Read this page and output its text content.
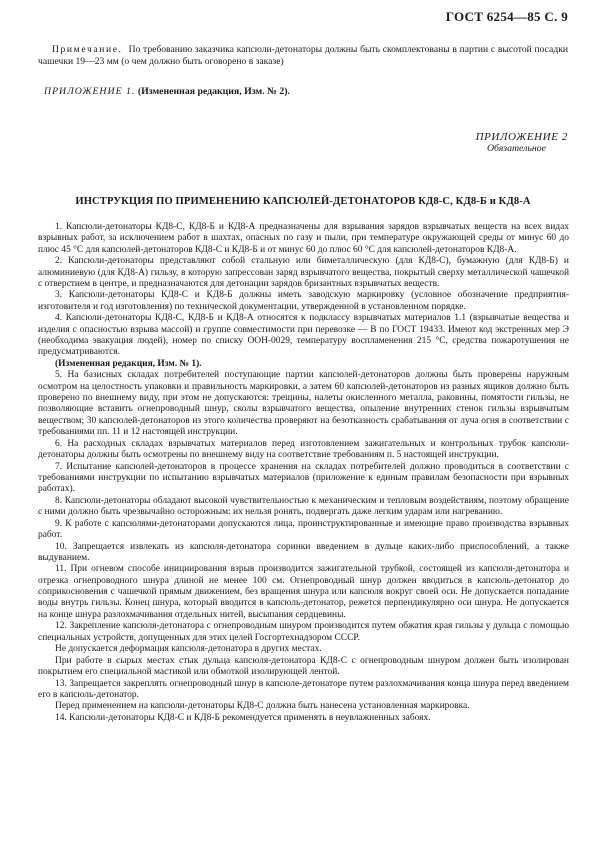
ГОСТ 6254—85 С. 9
Примечание. По требованию заказчика капсюли-детонаторы должны быть скомплектованы в партии с высотой посадки чашечки 19—23 мм (о чем должно быть оговорено в заказе)
ПРИЛОЖЕНИЕ 1. (Измененная редакция, Изм. № 2).
ПРИЛОЖЕНИЕ 2
Обязательное
ИНСТРУКЦИЯ ПО ПРИМЕНЕНИЮ КАПСЮЛЕЙ-ДЕТОНАТОРОВ КД8-С, КД8-Б и КД8-А

1. Капсюли-детонаторы КД8-С, КД8-Б и КД8-А предназначены для взрывания зарядов взрывчатых веществ на всех видах взрывных работ, за исключением работ в шахтах, опасных по газу и пыли, при температуре окружающей среды от минус 60 до плюс 45 °С для капсюлей-детонаторов КД8-С и КД8-Б и от минус 60 до плюс 60 °С для капсюлей-детонаторов КД8-А.

2. Капсюли-детонаторы представляют собой стальную или биметаллическую (для КД8-С), бумажную (для КД8-Б) и алюминиевую (для КД8-А) гильзу, в которую запрессован заряд взрывчатого вещества, покрытый сверху металлической чашечкой с отверстием в центре, и предназначаются для детонации зарядов бризантных взрывчатых веществ.

3. Капсюли-детонаторы КД8-С и КД8-Б должны иметь заводскую маркировку (условное обозначение предприятия-изготовителя и год изготовления) по технической документации, утвержденной в установленном порядке.

4. Капсюли-детонаторы КД8-С, КД8-Б и КД8-А относятся к подклассу взрывчатых материалов 1.1 (взрывчатые вещества и изделия с опасностью взрыва массой) и группе совместимости при перевозке — В по ГОСТ 19433. Имеют код экстренных мер Э (необходима эвакуация людей), номер по списку ООН-0029, температуру воспламенения 215 °С, средства пожаротушения не предусматриваются.

(Измененная редакция, Изм. № 1).

5. На базисных складах потребителей поступающие партии капсюлей-детонаторов должны быть проверены наружным осмотром на целостность упаковки и правильность маркировки, а затем 60 капсюлей-детонаторов из разных ящиков должно быть проверено по внешнему виду, при этом не допускаются: трещины, налеты окисленного металла, раковины, помятости гильзы, не позволяющие вставить огнепроводный шнур, сколы взрывчатого вещества, опыление внутренних стенок гильзы взрывчатым веществом; 30 капсюлей-детонаторов из этого количества проверяют на безотказность срабатывания от луча огня в соответствии с требованиями пп. 11 и 12 настоящей инструкции.

6. На расходных складах взрывчатых материалов перед изготовлением зажигательных и контрольных трубок капсюли-детонаторы должны быть осмотрены по внешнему виду на соответствие требованиям п. 5 настоящей инструкции.

7. Испытание капсюлей-детонаторов в процессе хранения на складах потребителей должно проводиться в соответствии с требованиями инструкции по испытанию взрывчатых материалов (приложение к единым правилам безопасности при взрывных работах).

8. Капсюли-детонаторы обладают высокой чувствительностью к механическим и тепловым воздействиям, поэтому обращение с ними должно быть чрезвычайно осторожным: их нельзя ронять, подвергать даже легким ударам или нагреванию.

9. К работе с капсюлями-детонаторами допускаются лица, проинструктированные и имеющие право производства взрывных работ.

10. Запрещается извлекать из капсюля-детонатора соринки введением в дульце каких-либо приспособлений, а также выдуванием.

11. При огневом способе инициирования взрыв производится зажигательной трубкой, состоящей из капсюля-детонатора и отрезка огнепроводного шнура длиной не менее 100 см. Огнепроводный шнур должен вводиться в капсюль-детонатор до соприкосновения с чашечкой прямым движением, без вращения шнура или капсюля вокруг своей оси. Не допускается попадание воды внутрь гильзы. Конец шнура, который вводится в капсюль-детонатор, режется перпендикулярно оси шнура. Не допускается на конце шнура разлохмачивания отдельных нитей, высыпания сердцевины.

12. Закрепление капсюля-детонатора с огнепроводным шнуром производится путем обжатия края гильзы у дульца с помощью специальных устройств, допущенных для этих целей Госгортехнадзором СССР.

Не допускается деформация капсюля-детонатора в других местах.

При работе в сырых местах стык дульца капсюля-детонатора КД8-С с огнепроводным шнуром должен быть изолирован покрытием его специальной мастикой или обмоткой изолирующей лентой.

13. Запрещается закреплять огнепроводный шнур в капсюле-детонаторе путем разлохмачивания конца шнура перед введением его в капсюль-детонатор.

Перед применением на капсюли-детонаторы КД8-С должна быть нанесена установленная маркировка.

14. Капсюли-детонаторы КД8-С и КД8-Б рекомендуется применять в неувлажненных забоях.
